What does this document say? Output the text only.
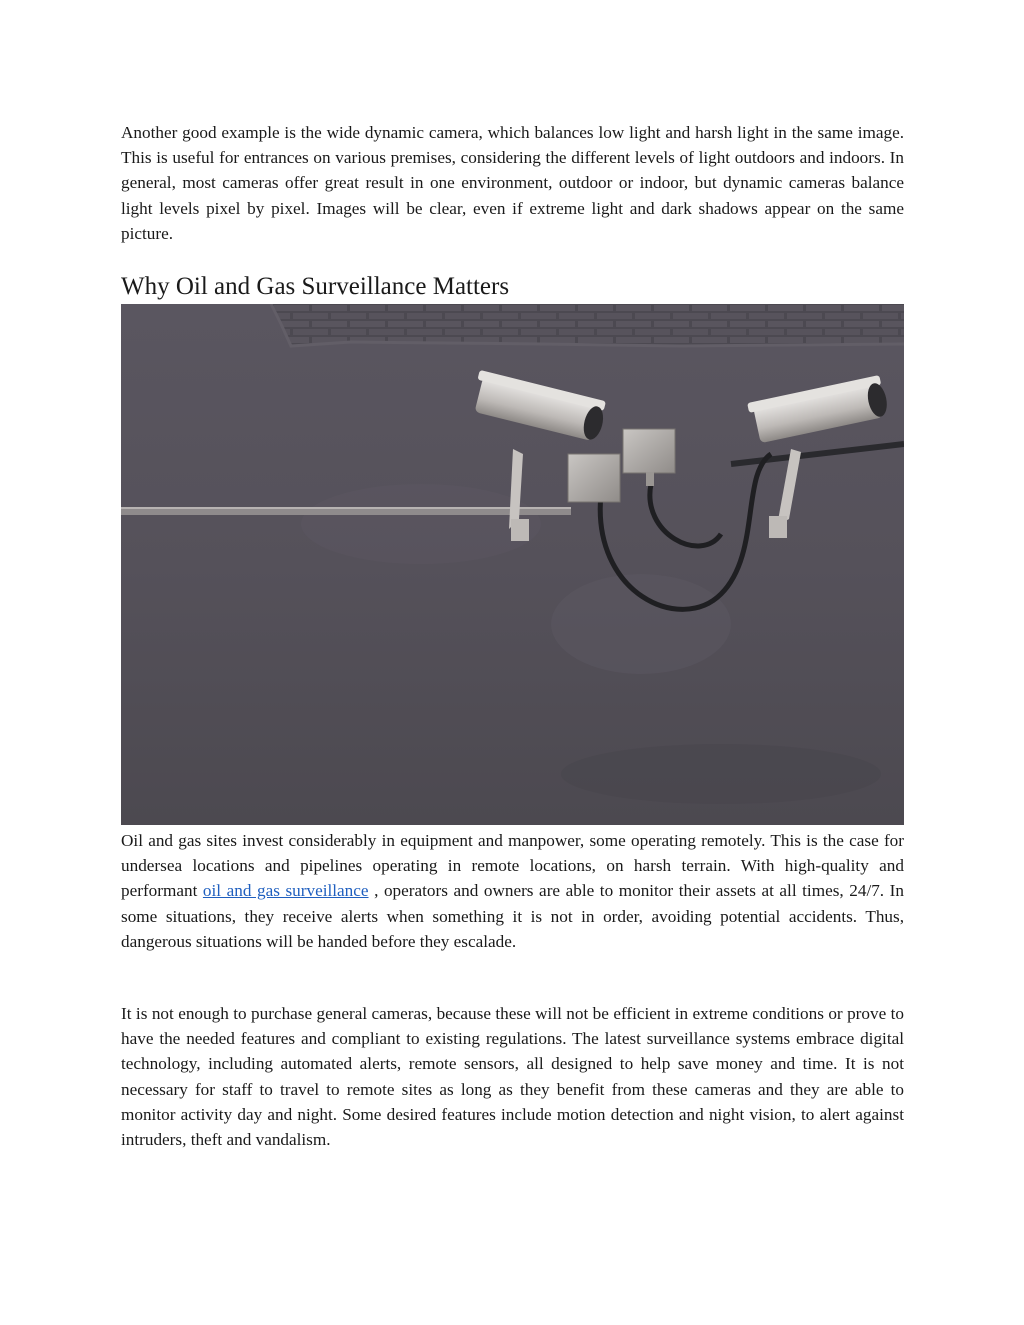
Another good example is the wide dynamic camera, which balances low light and harsh light in the same image. This is useful for entrances on various premises, considering the different levels of light outdoors and indoors. In general, most cameras offer great result in one environment, outdoor or indoor, but dynamic cameras balance light levels pixel by pixel. Images will be clear, even if extreme light and dark shadows appear on the same picture.

Why Oil and Gas Surveillance Matters

Oil and gas sites invest considerably in equipment and manpower, some operating remotely. This is the case for undersea locations and pipelines operating in remote locations, on harsh terrain. With high-quality and performant oil and gas surveillance , operators and owners are able to monitor their assets at all times, 24/7. In some situations, they receive alerts when something it is not in order, avoiding potential accidents. Thus, dangerous situations will be handed before they escalade.

It is not enough to purchase general cameras, because these will not be efficient in extreme conditions or prove to have the needed features and compliant to existing regulations. The latest surveillance systems embrace digital technology, including automated alerts, remote sensors, all designed to help save money and time. It is not necessary for staff to travel to remote sites as long as they benefit from these cameras and they are able to monitor activity day and night. Some desired features include motion detection and night vision, to alert against intruders, theft and vandalism.
